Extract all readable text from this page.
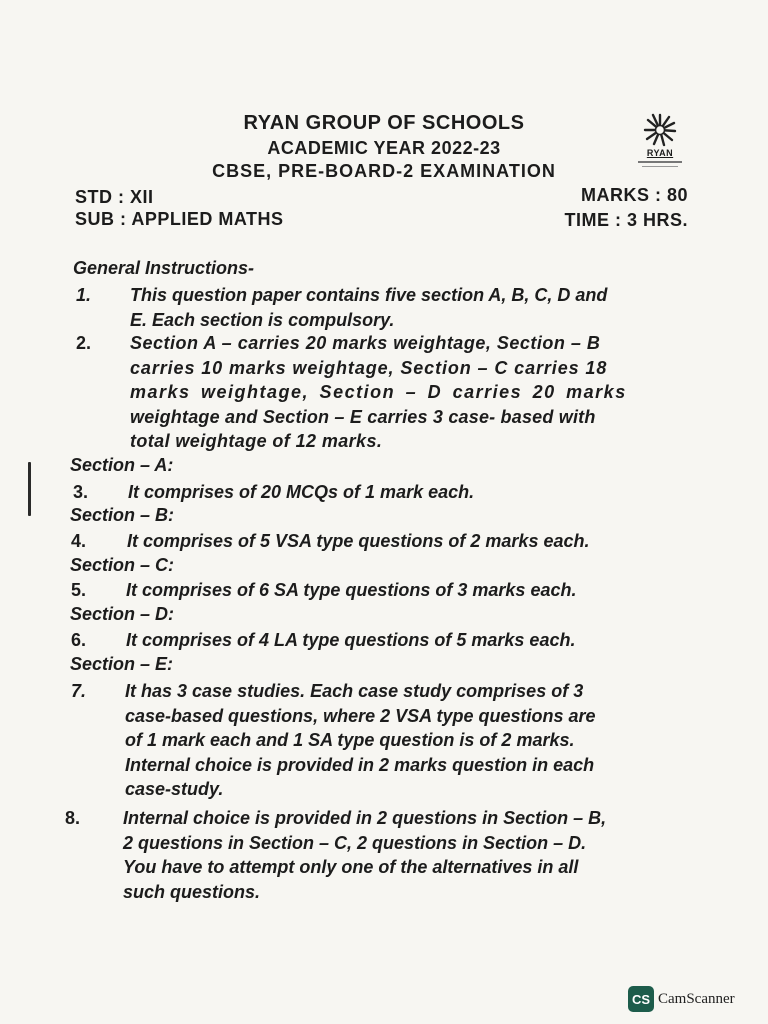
RYAN GROUP OF SCHOOLS
ACADEMIC YEAR 2022-23
CBSE, PRE-BOARD-2 EXAMINATION
RYAN
STD : XII	MARKS : 80
SUB : APPLIED MATHS	TIME : 3 HRS.
General Instructions-
1. This question paper contains five section A, B, C, D and
E. Each section is compulsory.
2. Section A – carries 20 marks weightage, Section – B
carries 10 marks weightage, Section – C carries 18
marks weightage, Section – D carries 20 marks
weightage and Section – E carries 3 case- based with
total weightage of 12 marks.
Section – A:
3. It comprises of 20 MCQs of 1 mark each.
Section – B:
4. It comprises of 5 VSA type questions of 2 marks each.
Section – C:
5. It comprises of 6 SA type questions of 3 marks each.
Section – D:
6. It comprises of 4 LA type questions of 5 marks each.
Section – E:
7. It has 3 case studies. Each case study comprises of 3
case-based questions, where 2 VSA type questions are
of 1 mark each and 1 SA type question is of 2 marks.
Internal choice is provided in 2 marks question in each
case-study.
8. Internal choice is provided in 2 questions in Section – B,
2 questions in Section – C, 2 questions in Section – D.
You have to attempt only one of the alternatives in all
such questions.
CS CamScanner
